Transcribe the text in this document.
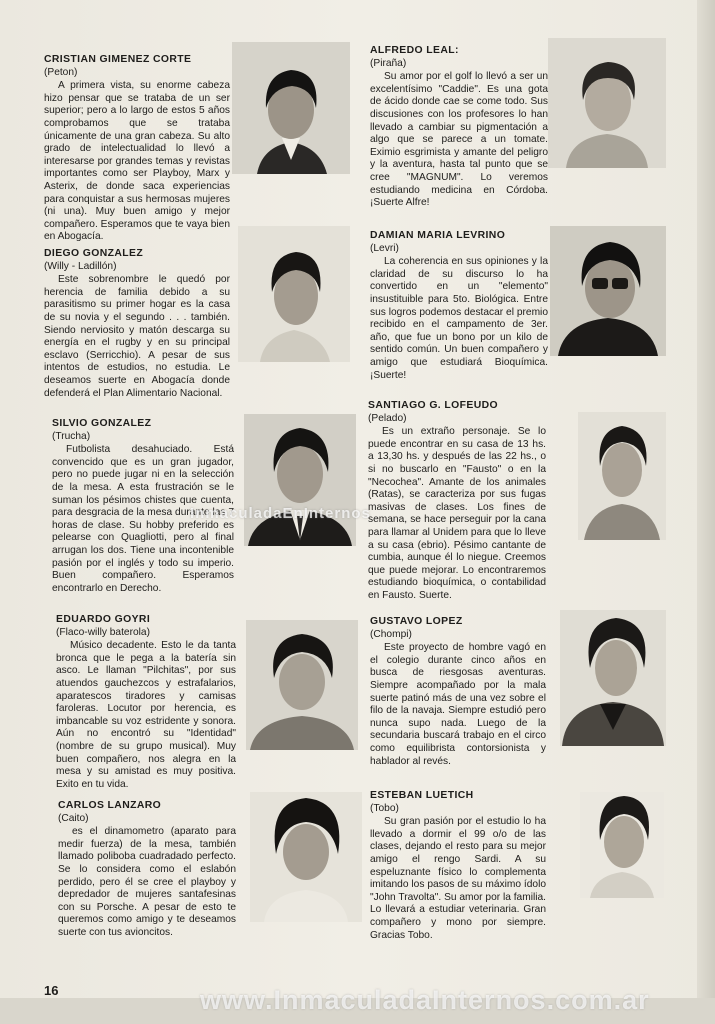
CRISTIAN GIMENEZ CORTE
(Peton)
A primera vista, su enorme cabeza hizo pensar que se trataba de un ser superior; pero a lo largo de estos 5 años comprobamos que se trataba únicamente de una gran cabeza. Su alto grado de intelectualidad lo llevó a interesarse por grandes temas y revistas importantes como ser Playboy, Marx y Asterix, de donde saca experiencias para conquistar a sus hermosas mujeres (ni una). Muy buen amigo y mejor compañero. Esperamos que te vaya bien en Abogacía.
ALFREDO LEAL:
(Piraña)
Su amor por el golf lo llevó a ser un excelentísimo "Caddie". Es una gota de ácido donde cae se come todo. Sus discusiones con los profesores lo han llevado a cambiar su pigmentación a algo que se parece a un tomate. Eximio esgrimista y amante del peligro y la aventura, hasta tal punto que se cree "MAGNUM". Lo veremos estudiando medicina en Córdoba. ¡Suerte Alfre!
DIEGO GONZALEZ
(Willy - Ladillón)
Este sobrenombre le quedó por herencia de familia debido a su parasitismo su primer hogar es la casa de su novia y el segundo . . . también. Siendo nerviosito y matón descarga su energía en el rugby y en su principal esclavo (Serricchio). A pesar de sus intentos de estudios, no estudia. Le deseamos suerte en Abogacía donde defenderá el Plan Alimentario Nacional.
DAMIAN MARIA LEVRINO
(Levri)
La coherencia en sus opiniones y la claridad de su discurso lo ha convertido en un "elemento" insustituible para 5to. Biológica. Entre sus logros podemos destacar el premio recibido en el campamento de 3er. año, que fue un bono por un kilo de sentido común. Un buen compañero y amigo que estudiará Bioquímica. ¡Suerte!
SILVIO GONZALEZ
(Trucha)
Futbolista desahuciado. Está convencido que es un gran jugador, pero no puede jugar ni en la selección de la mesa. A esta frustración se le suman los pésimos chistes que cuenta, para desgracia de la mesa durante las 7 horas de clase. Su hobby preferido es pelearse con Quagliotti, pero al final arrugan los dos. Tiene una incontenible pasión por el inglés y todo su imperio. Buen compañero. Esperamos encontrarlo en Derecho.
SANTIAGO G. LOFEUDO
(Pelado)
Es un extraño personaje. Se lo puede encontrar en su casa de 13 hs. a 13,30 hs. y después de las 22 hs., o si no buscarlo en "Fausto" o en la "Necochea". Amante de los animales (Ratas), se caracteriza por sus fugas masivas de clases. Los fines de semana, se hace perseguir por la cana para llamar al Unidem para que lo lleve a su casa (ebrio). Pésimo cantante de cumbia, aunque él lo niegue. Creemos que puede mejorar. Lo encontraremos estudiando bioquímica, o contabilidad en Fausto. Suerte.
EDUARDO GOYRI
(Flaco-willy baterola)
Músico decadente. Esto le da tanta bronca que le pega a la batería sin asco. Le llaman "Pilchitas", por sus atuendos gauchezcos y estrafalarios, aparatescos tiradores y camisas faroleras. Locutor por herencia, es imbancable su voz estridente y sonora. Aún no encontró su "Identidad" (nombre de su grupo musical). Muy buen compañero, nos alegra en la mesa y su amistad es muy positiva. Exito en tu vida.
GUSTAVO LOPEZ
(Chompi)
Este proyecto de hombre vagó en el colegio durante cinco años en busca de riesgosas aventuras. Siempre acompañado por la mala suerte patinó más de una vez sobre el filo de la navaja. Siempre estudió pero nunca supo nada. Luego de la secundaria buscará trabajo en el circo como equilibrista contorsionista y hablador al revés.
CARLOS LANZARO
(Caito)
es el dinamometro (aparato para medir fuerza) de la mesa, también llamado poliboba cuadradado perfecto. Se lo considera como el eslabón perdido, pero él se cree el playboy y depredador de mujeres santafesinas con su Porsche. A pesar de esto te queremos como amigo y te deseamos suerte con tus avioncitos.
ESTEBAN LUETICH
(Tobo)
Su gran pasión por el estudio lo ha llevado a dormir el 99 o/o de las clases, dejando el resto para su mejor amigo el rengo Sardi. A su espeluznante físico lo complementa imitando los pasos de su máximo ídolo "John Travolta". Su amor por la familia. Lo llevará a estudiar veterinaria. Gran compañero y mono por siempre. Gracias Tobo.
InmaculadaEnInternos
www.InmaculadaInternos.com.ar
16
